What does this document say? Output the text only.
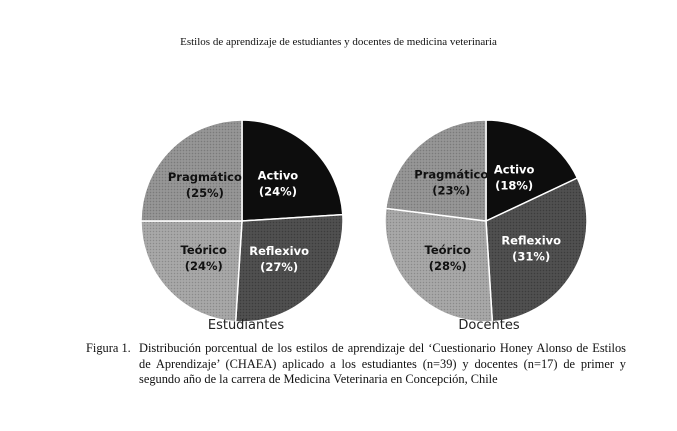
Estilos de aprendizaje de estudiantes y docentes de medicina veterinaria
Activo
(24%)
Reflexivo
(27%)
Teórico
(24%)
Pragmático
(25%)
Activo
(18%)
Reflexivo
(31%)
Teórico
(28%)
Pragmático
(23%)
Estudiantes	Docentes
Figura 1. Distribución porcentual de los estilos de aprendizaje del ‘Cuestionario Honey Alonso de Estilos de Aprendizaje’ (CHAEA) aplicado a los estudiantes (n=39) y docentes (n=17) de primer y segundo año de la carrera de Medicina Veterinaria en Concepción, Chile
